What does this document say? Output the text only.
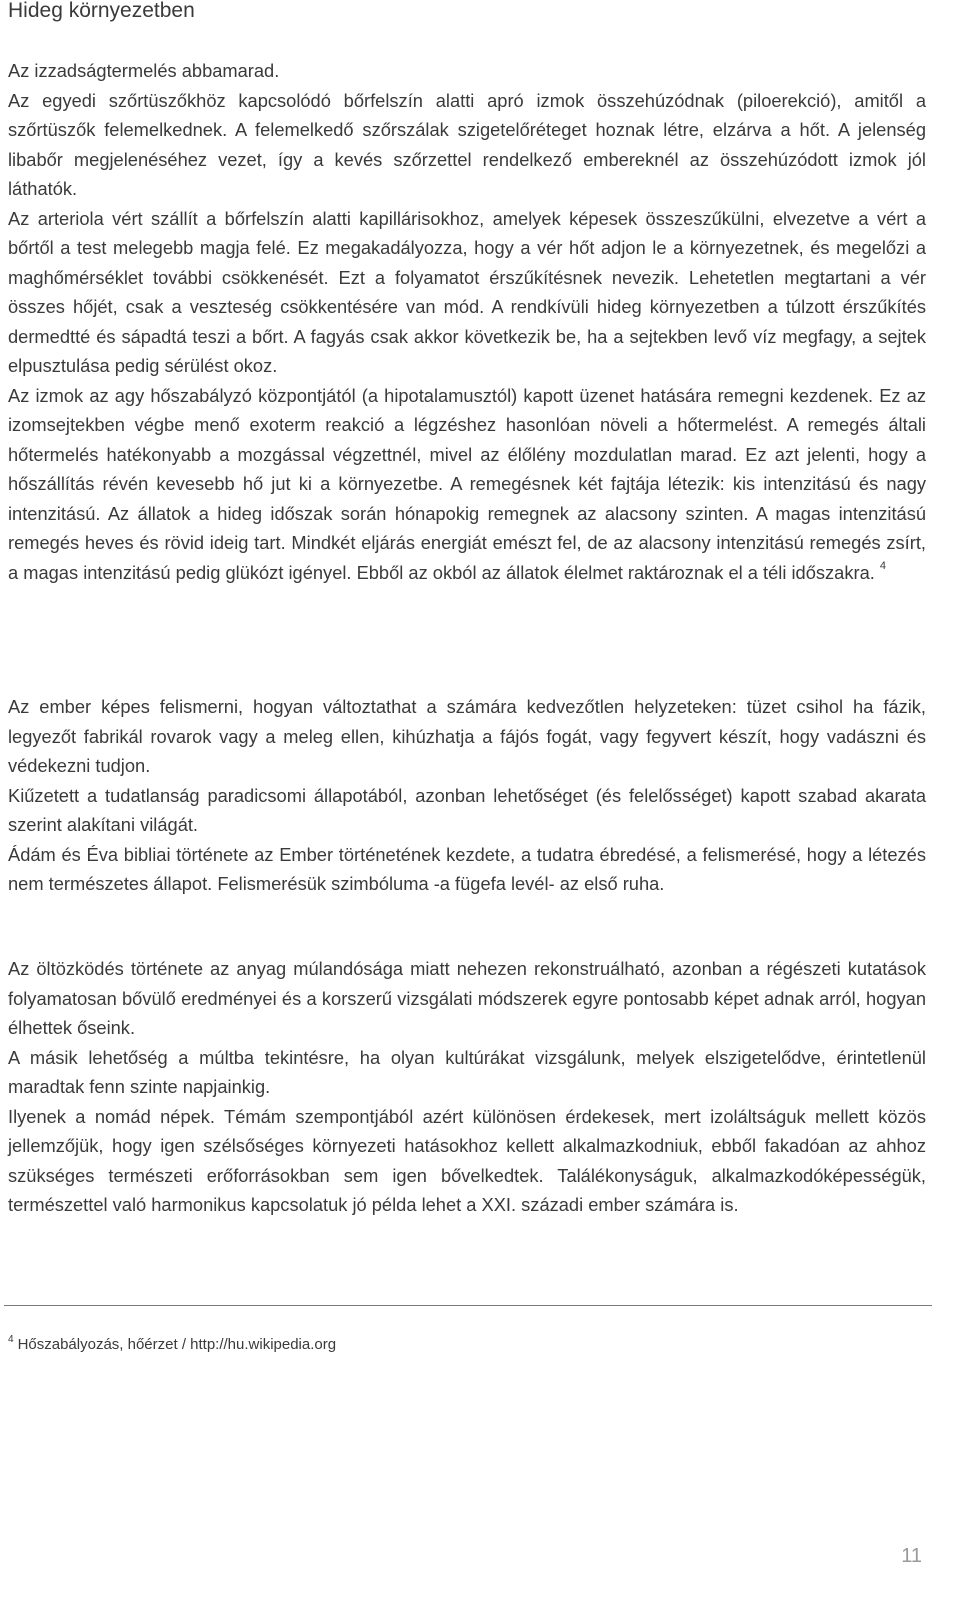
Hideg környezetben

Az izzadságtermelés abbamarad.

Az egyedi szőrtüszőkhöz kapcsolódó bőrfelszín alatti apró izmok összehúzódnak (piloerekció), amitől a szőrtüszők felemelkednek. A felemelkedő szőrszálak szigetelőréteget hoznak létre, elzárva a hőt. A jelenség libabőr megjelenéséhez vezet, így a kevés szőrzettel rendelkező embereknél az összehúzódott izmok jól láthatók.

Az arteriola vért szállít a bőrfelszín alatti kapillárisokhoz, amelyek képesek összeszűkülni, elvezetve a vért a bőrtől a test melegebb magja felé. Ez megakadályozza, hogy a vér hőt adjon le a környezetnek, és megelőzi a maghőmérséklet további csökkenését. Ezt a folyamatot érszűkítésnek nevezik. Lehetetlen megtartani a vér összes hőjét, csak a veszteség csökkentésére van mód. A rendkívüli hideg környezetben a túlzott érszűkítés dermedtté és sápadtá teszi a bőrt. A fagyás csak akkor következik be, ha a sejtekben levő víz megfagy, a sejtek elpusztulása pedig sérülést okoz.

Az izmok az agy hőszabályzó központjától (a hipotalamusztól) kapott üzenet hatására remegni kezdenek. Ez az izomsejtekben végbe menő exoterm reakció a légzéshez hasonlóan növeli a hőtermelést. A remegés általi hőtermelés hatékonyabb a mozgással végzettnél, mivel az élőlény mozdulatlan marad. Ez azt jelenti, hogy a hőszállítás révén kevesebb hő jut ki a környezetbe. A remegésnek két fajtája létezik: kis intenzitású és nagy intenzitású. Az állatok a hideg időszak során hónapokig remegnek az alacsony szinten. A magas intenzitású remegés heves és rövid ideig tart. Mindkét eljárás energiát emészt fel, de az alacsony intenzitású remegés zsírt, a magas intenzitású pedig glükózt igényel. Ebből az okból az állatok élelmet raktároznak el a téli időszakra. $^4$

Az ember képes felismerni, hogyan változtathat a számára kedvezőtlen helyzeteken: tüzet csihol ha fázik, legyezőt fabrikál rovarok vagy a meleg ellen, kihúzhatja a fájós fogát, vagy fegyvert készít, hogy vadászni és védekezni tudjon.

Kiűzetett a tudatlanság paradicsomi állapotából, azonban lehetőséget (és felelősséget) kapott szabad akarata szerint alakítani világát.

Ádám és Éva bibliai története az Ember történetének kezdete, a tudatra ébredésé, a felismerésé, hogy a létezés nem természetes állapot. Felismerésük szimbóluma -a fügefa levél- az első ruha.

Az öltözködés története az anyag múlandósága miatt nehezen rekonstruálható, azonban a régészeti kutatások folyamatosan bővülő eredményei és a korszerű vizsgálati módszerek egyre pontosabb képet adnak arról, hogyan élhettek őseink.

A másik lehetőség a múltba tekintésre, ha olyan kultúrákat vizsgálunk, melyek elszigetelődve, érintetlenül maradtak fenn szinte napjainkig.

Ilyenek a nomád népek. Témám szempontjából azért különösen érdekesek, mert izoláltságuk mellett közös jellemzőjük, hogy igen szélsőséges környezeti hatásokhoz kellett alkalmazkodniuk, ebből fakadóan az ahhoz szükséges természeti erőforrásokban sem igen bővelkedtek. Találékonyságuk, alkalmazkodóképességük, természettel való harmonikus kapcsolatuk jó példa lehet a XXI. századi ember számára is.

$^4$ Hőszabályozás, hőérzet / http://hu.wikipedia.org
11
